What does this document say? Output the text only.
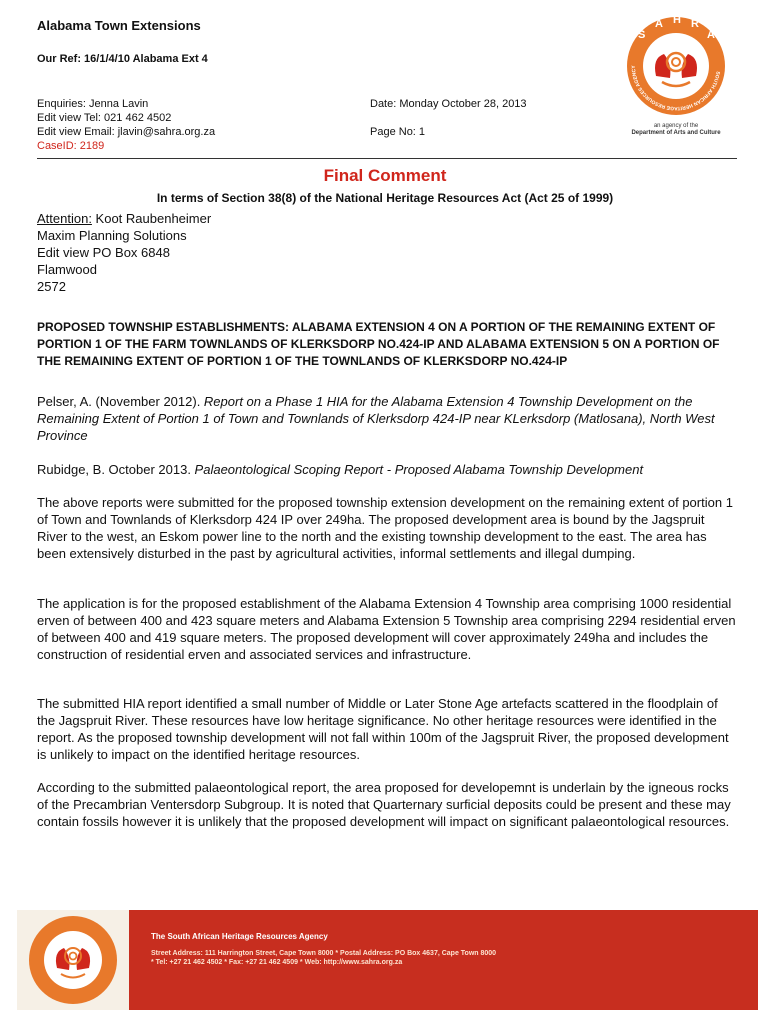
Alabama Town Extensions
Our Ref: 16/1/4/10 Alabama Ext 4
Enquiries: Jenna Lavin
Edit view Tel: 021 462 4502
Edit view Email: jlavin@sahra.org.za
CaseID: 2189
Date: Monday October 28, 2013
Page No: 1
SOUTH AFRICAN HERITAGE RESOURCES AGENCY
S
A H R
A
an agency of the
Department of Arts and Culture
Final Comment
In terms of Section 38(8) of the National Heritage Resources Act (Act 25 of 1999)
Attention: Koot Raubenheimer
Maxim Planning Solutions
Edit view PO Box 6848
Flamwood
2572
PROPOSED TOWNSHIP ESTABLISHMENTS: ALABAMA EXTENSION 4 ON A PORTION OF THE REMAINING EXTENT OF PORTION 1 OF THE FARM TOWNLANDS OF KLERKSDORP NO.424-IP AND ALABAMA EXTENSION 5 ON A PORTION OF THE REMAINING EXTENT OF PORTION 1 OF THE TOWNLANDS OF KLERKSDORP NO.424-IP
Pelser, A. (November 2012). Report on a Phase 1 HIA for the Alabama Extension 4 Township Development on the Remaining Extent of Portion 1 of Town and Townlands of Klerksdorp 424-IP near KLerksdorp (Matlosana), North West Province
Rubidge, B. October 2013. Palaeontological Scoping Report - Proposed Alabama Township Development
The above reports were submitted for the proposed township extension development on the remaining extent of portion 1 of Town and Townlands of Klerksdorp 424 IP over 249ha. The proposed development area is bound by the Jagspruit River to the west, an Eskom power line to the north and the existing township development to the east. The area has been extensively disturbed in the past by agricultural activities, informal settlements and illegal dumping.
The application is for the proposed establishment of the Alabama Extension 4 Township area comprising 1000 residential erven of between 400 and 423 square meters and Alabama Extension 5 Township area comprising 2294 residential erven of between 400 and 419 square meters. The proposed development will cover approximately 249ha and includes the construction of residential erven and associated services and infrastructure.
The submitted HIA report identified a small number of Middle or Later Stone Age artefacts scattered in the floodplain of the Jagspruit River. These resources have low heritage significance. No other heritage resources were identified in the report. As the proposed township development will not fall within 100m of the Jagspruit River, the proposed development is unlikely to impact on the identified heritage resources.
According to the submitted palaeontological report, the area proposed for developemnt is underlain by the igneous rocks of the Precambrian Ventersdorp Subgroup. It is noted that Quarternary surficial deposits could be present and these may contain fossils however it is unlikely that the proposed development will impact on significant palaeontological resources.
The South African Heritage Resources Agency
Street Address: 111 Harrington Street, Cape Town 8000 * Postal Address: PO Box 4637, Cape Town 8000
* Tel: +27 21 462 4502 * Fax: +27 21 462 4509 * Web: http://www.sahra.org.za
